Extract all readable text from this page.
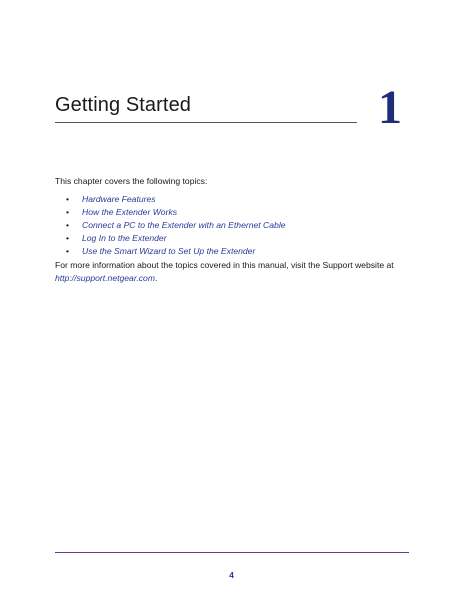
Getting Started	1

This chapter covers the following topics:

• Hardware Features
• How the Extender Works
• Connect a PC to the Extender with an Ethernet Cable
• Log In to the Extender
• Use the Smart Wizard to Set Up the Extender

For more information about the topics covered in this manual, visit the Support website at http://support.netgear.com.

4
